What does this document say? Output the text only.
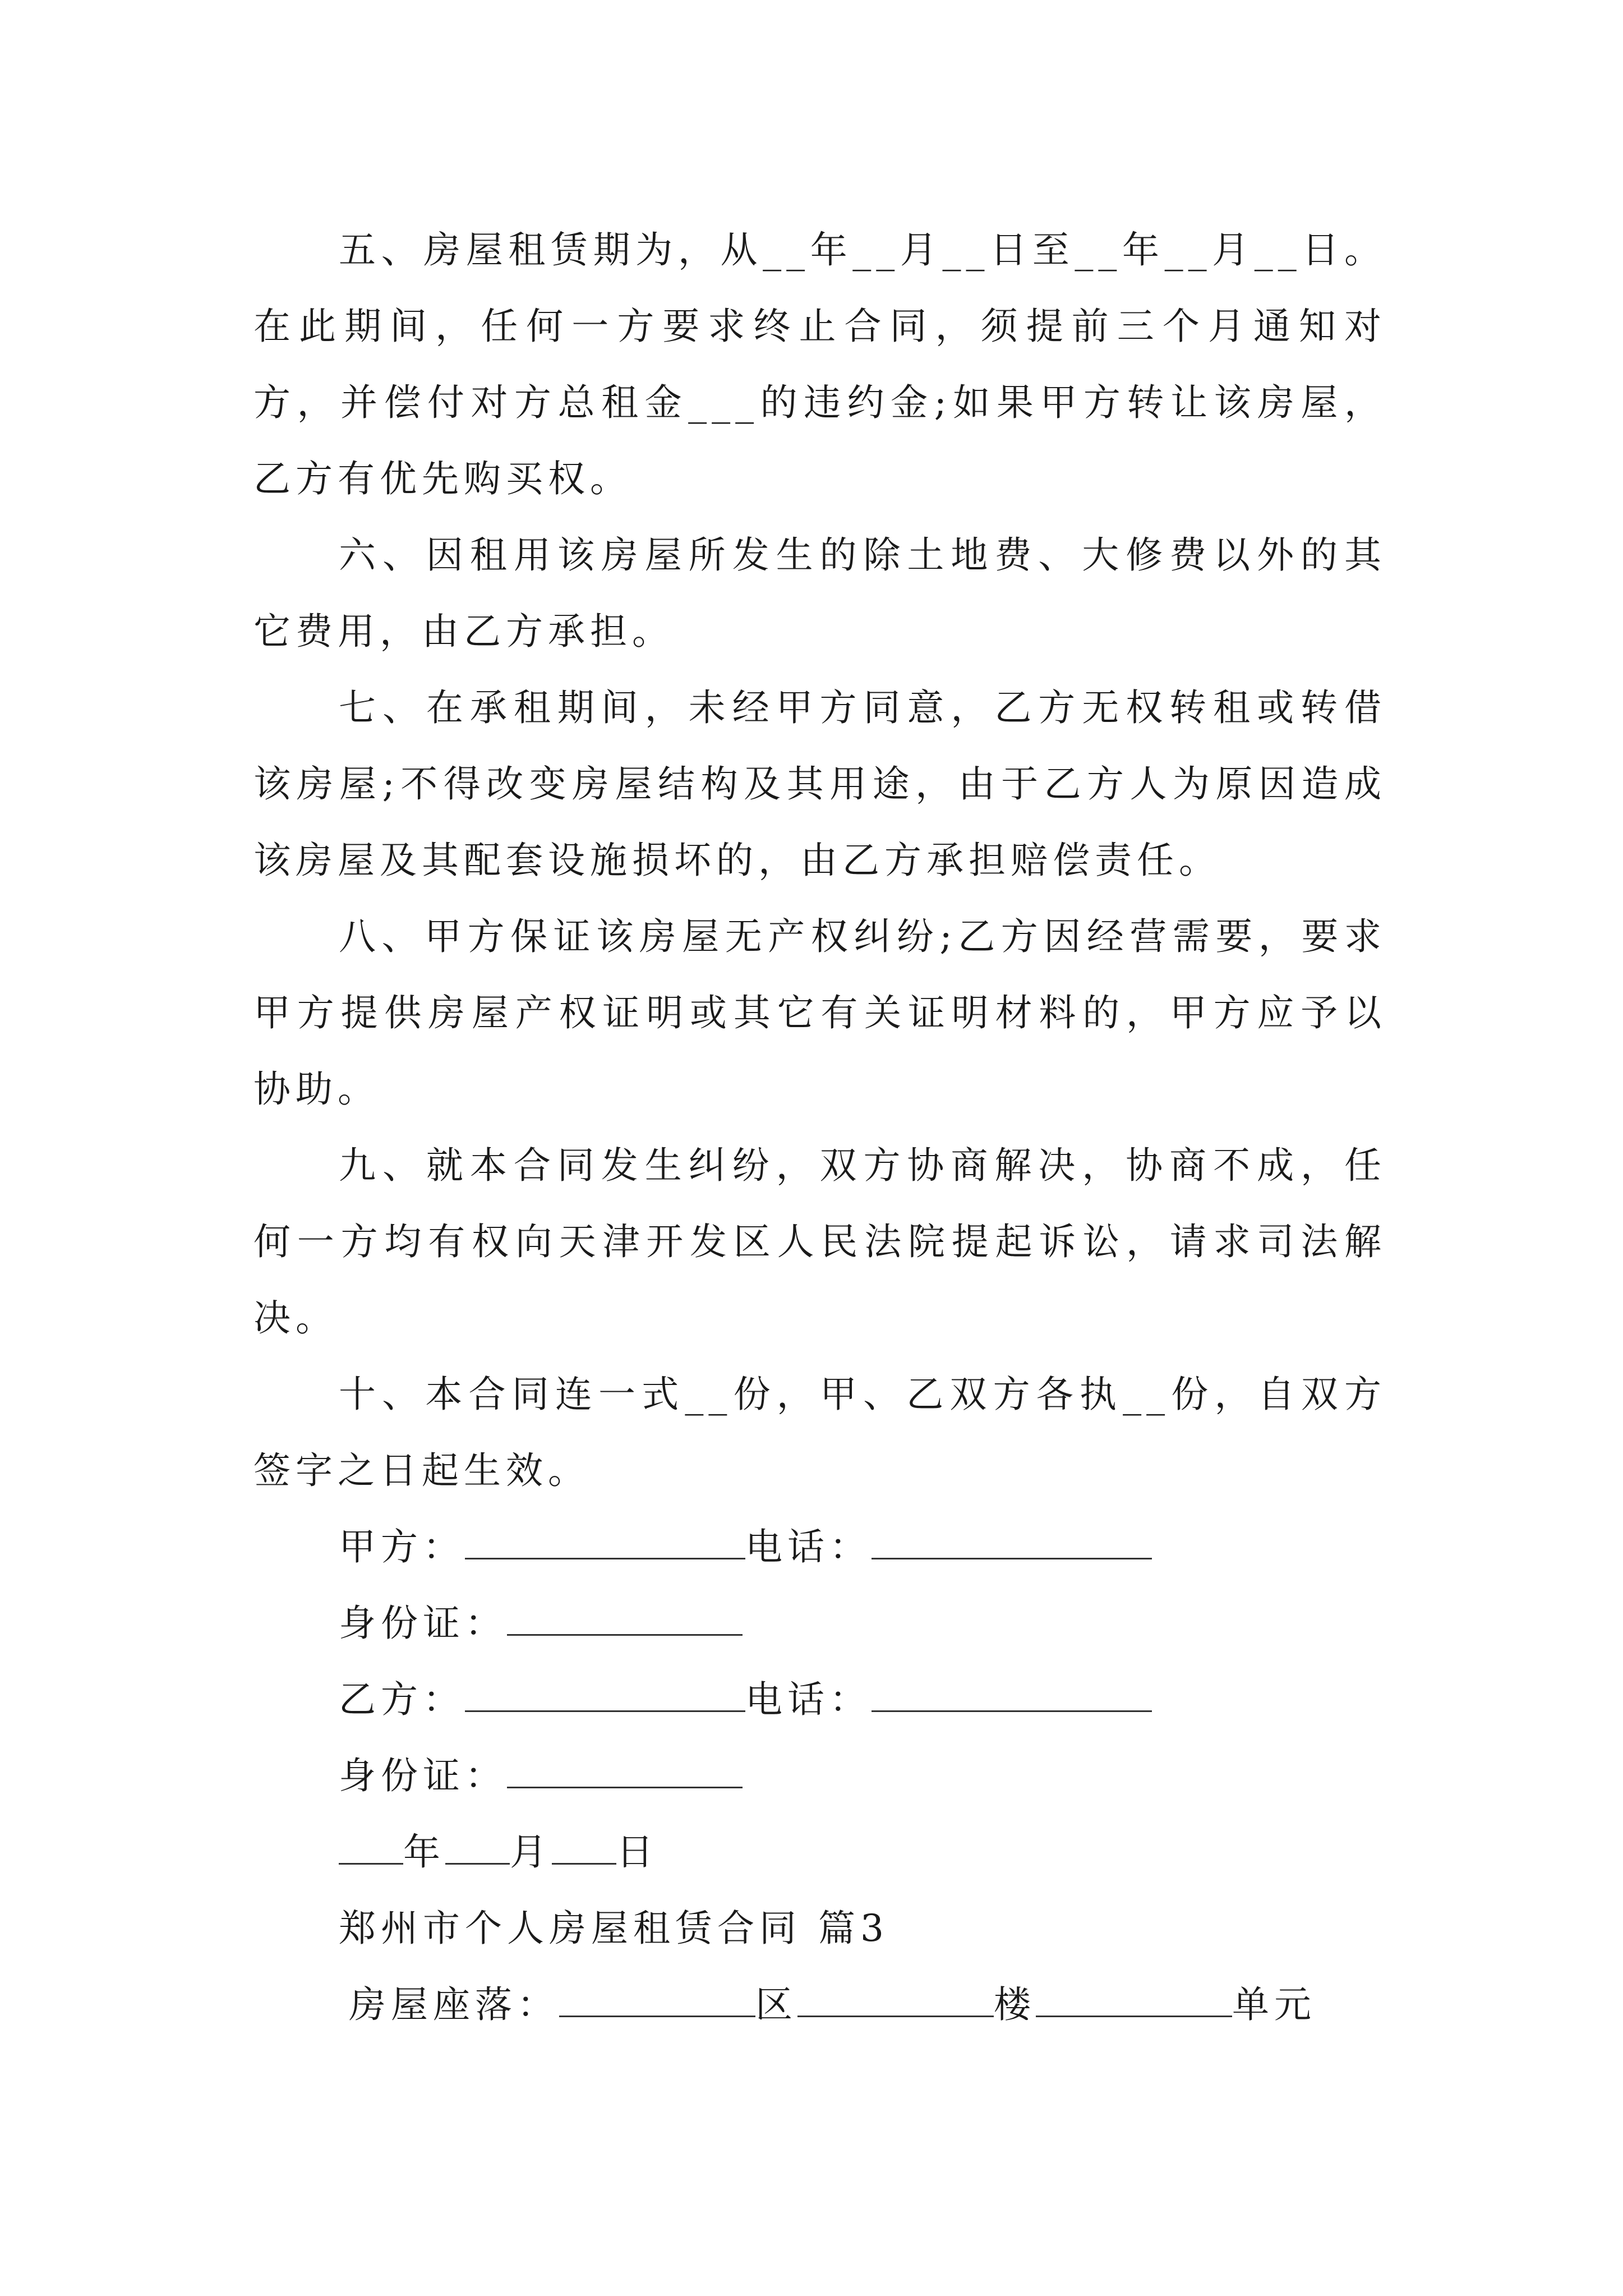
五、房屋租赁期为，从__年__月__日至__年__月__日。在此期间，任何一方要求终止合同，须提前三个月通知对方，并偿付对方总租金___的违约金;如果甲方转让该房屋，乙方有优先购买权。

六、因租用该房屋所发生的除土地费、大修费以外的其它费用，由乙方承担。

七、在承租期间，未经甲方同意，乙方无权转租或转借该房屋;不得改变房屋结构及其用途，由于乙方人为原因造成该房屋及其配套设施损坏的，由乙方承担赔偿责任。

八、甲方保证该房屋无产权纠纷;乙方因经营需要，要求甲方提供房屋产权证明或其它有关证明材料的，甲方应予以协助。

九、就本合同发生纠纷，双方协商解决，协商不成，任何一方均有权向天津开发区人民法院提起诉讼，请求司法解决。

十、本合同连一式__份，甲、乙双方各执__份，自双方签字之日起生效。

甲方：	电话：

身份证：

乙方：	电话：

身份证：

年 月 日

郑州市个人房屋租赁合同 篇3

房屋座落：	区	楼	单元
